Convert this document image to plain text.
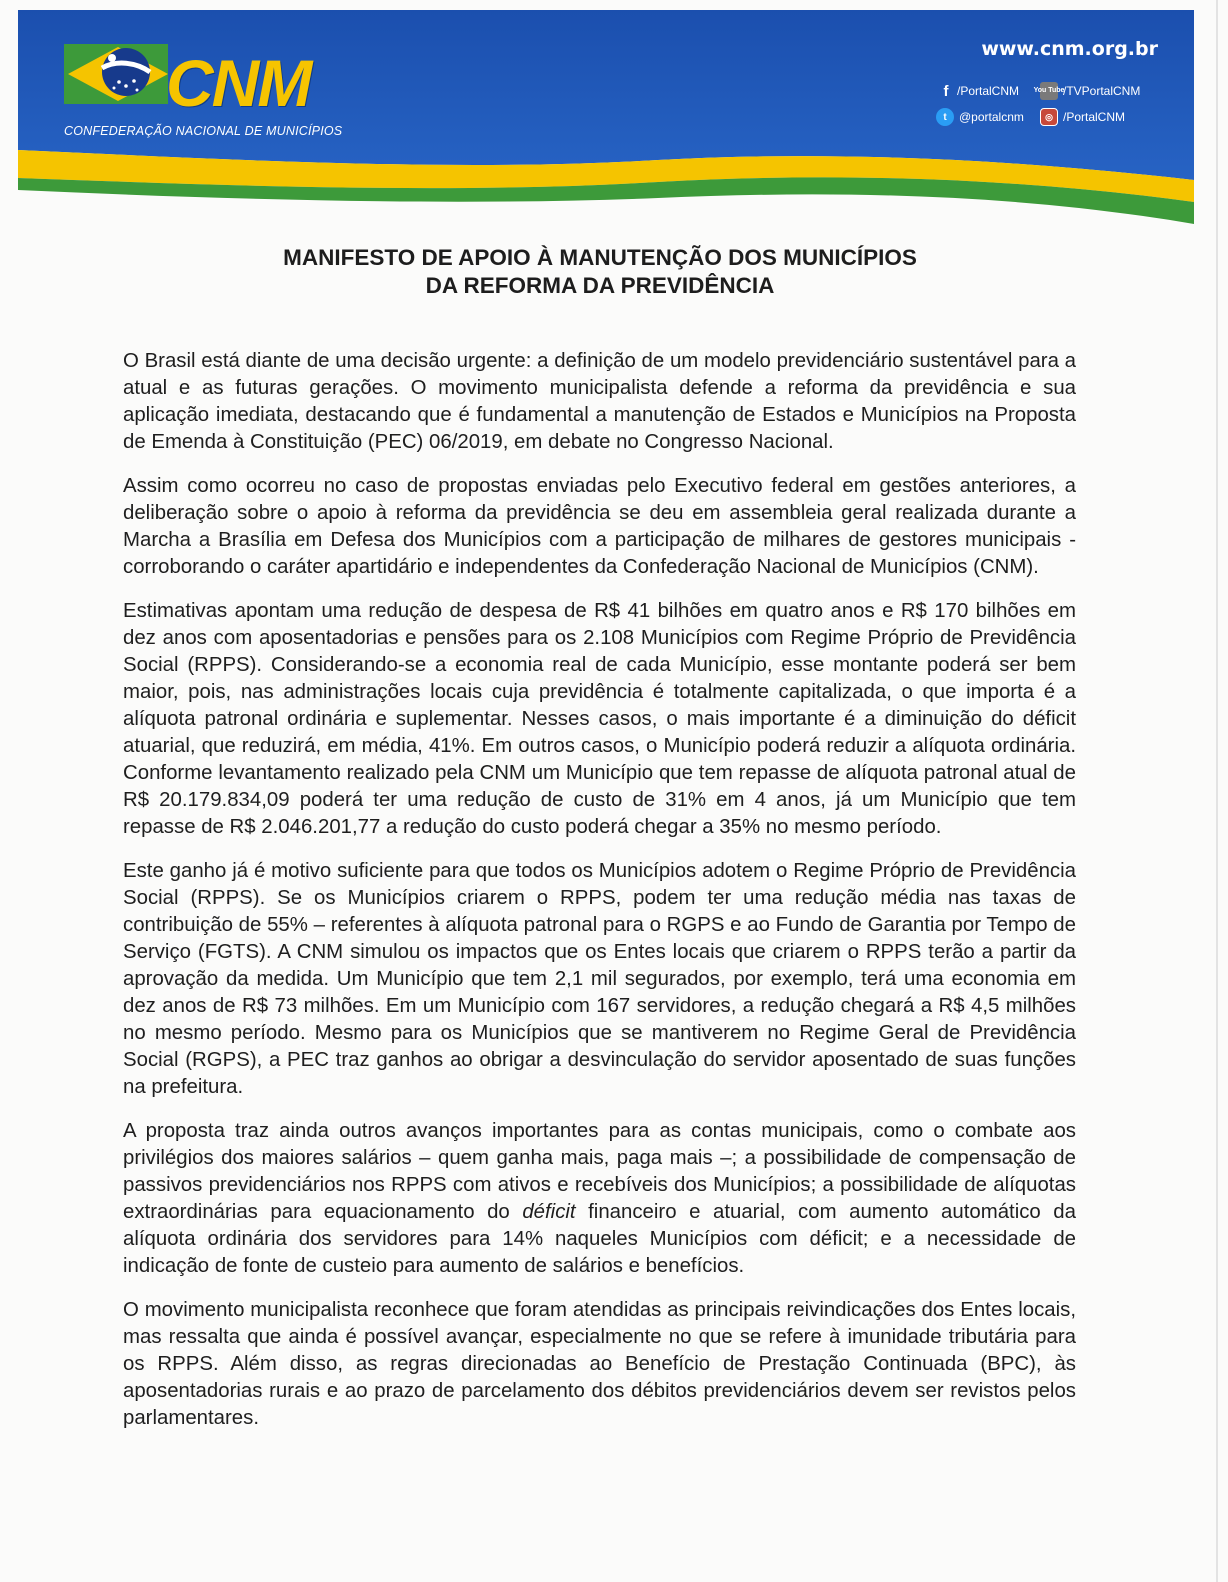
CNM
CONFEDERAÇÃO NACIONAL DE MUNICÍPIOS
www.cnm.org.br
f /PortalCNM You Tube
/TVPortalCNM
t	@portalcnm	◎ /PortalCNM
MANIFESTO DE APOIO À MANUTENÇÃO DOS MUNICÍPIOS
DA REFORMA DA PREVIDÊNCIA

O Brasil está diante de uma decisão urgente: a definição de um modelo previdenciário sustentável para a atual e as futuras gerações. O movimento municipalista defende a reforma da previdência e sua aplicação imediata, destacando que é fundamental a manutenção de Estados e Municípios na Proposta de Emenda à Constituição (PEC) 06/2019, em debate no Congresso Nacional.

Assim como ocorreu no caso de propostas enviadas pelo Executivo federal em gestões anteriores, a deliberação sobre o apoio à reforma da previdência se deu em assembleia geral realizada durante a Marcha a Brasília em Defesa dos Municípios com a participação de milhares de gestores municipais - corroborando o caráter apartidário e independentes da Confederação Nacional de Municípios (CNM).

Estimativas apontam uma redução de despesa de R$ 41 bilhões em quatro anos e R$ 170 bilhões em dez anos com aposentadorias e pensões para os 2.108 Municípios com Regime Próprio de Previdência Social (RPPS). Considerando-se a economia real de cada Município, esse montante poderá ser bem maior, pois, nas administrações locais cuja previdência é totalmente capitalizada, o que importa é a alíquota patronal ordinária e suplementar. Nesses casos, o mais importante é a diminuição do déficit atuarial, que reduzirá, em média, 41%. Em outros casos, o Município poderá reduzir a alíquota ordinária. Conforme levantamento realizado pela CNM um Município que tem repasse de alíquota patronal atual de R$ 20.179.834,09 poderá ter uma redução de custo de 31% em 4 anos, já um Município que tem repasse de R$ 2.046.201,77 a redução do custo poderá chegar a 35% no mesmo período.

Este ganho já é motivo suficiente para que todos os Municípios adotem o Regime Próprio de Previdência Social (RPPS). Se os Municípios criarem o RPPS, podem ter uma redução média nas taxas de contribuição de 55% – referentes à alíquota patronal para o RGPS e ao Fundo de Garantia por Tempo de Serviço (FGTS). A CNM simulou os impactos que os Entes locais que criarem o RPPS terão a partir da aprovação da medida. Um Município que tem 2,1 mil segurados, por exemplo, terá uma economia em dez anos de R$ 73 milhões. Em um Município com 167 servidores, a redução chegará a R$ 4,5 milhões no mesmo período. Mesmo para os Municípios que se mantiverem no Regime Geral de Previdência Social (RGPS), a PEC traz ganhos ao obrigar a desvinculação do servidor aposentado de suas funções na prefeitura.

A proposta traz ainda outros avanços importantes para as contas municipais, como o combate aos privilégios dos maiores salários – quem ganha mais, paga mais –; a possibilidade de compensação de passivos previdenciários nos RPPS com ativos e recebíveis dos Municípios; a possibilidade de alíquotas extraordinárias para equacionamento do déficit financeiro e atuarial, com aumento automático da alíquota ordinária dos servidores para 14% naqueles Municípios com déficit; e a necessidade de indicação de fonte de custeio para aumento de salários e benefícios.

O movimento municipalista reconhece que foram atendidas as principais reivindicações dos Entes locais, mas ressalta que ainda é possível avançar, especialmente no que se refere à imunidade tributária para os RPPS. Além disso, as regras direcionadas ao Benefício de Prestação Continuada (BPC), às aposentadorias rurais e ao prazo de parcelamento dos débitos previdenciários devem ser revistos pelos parlamentares.
